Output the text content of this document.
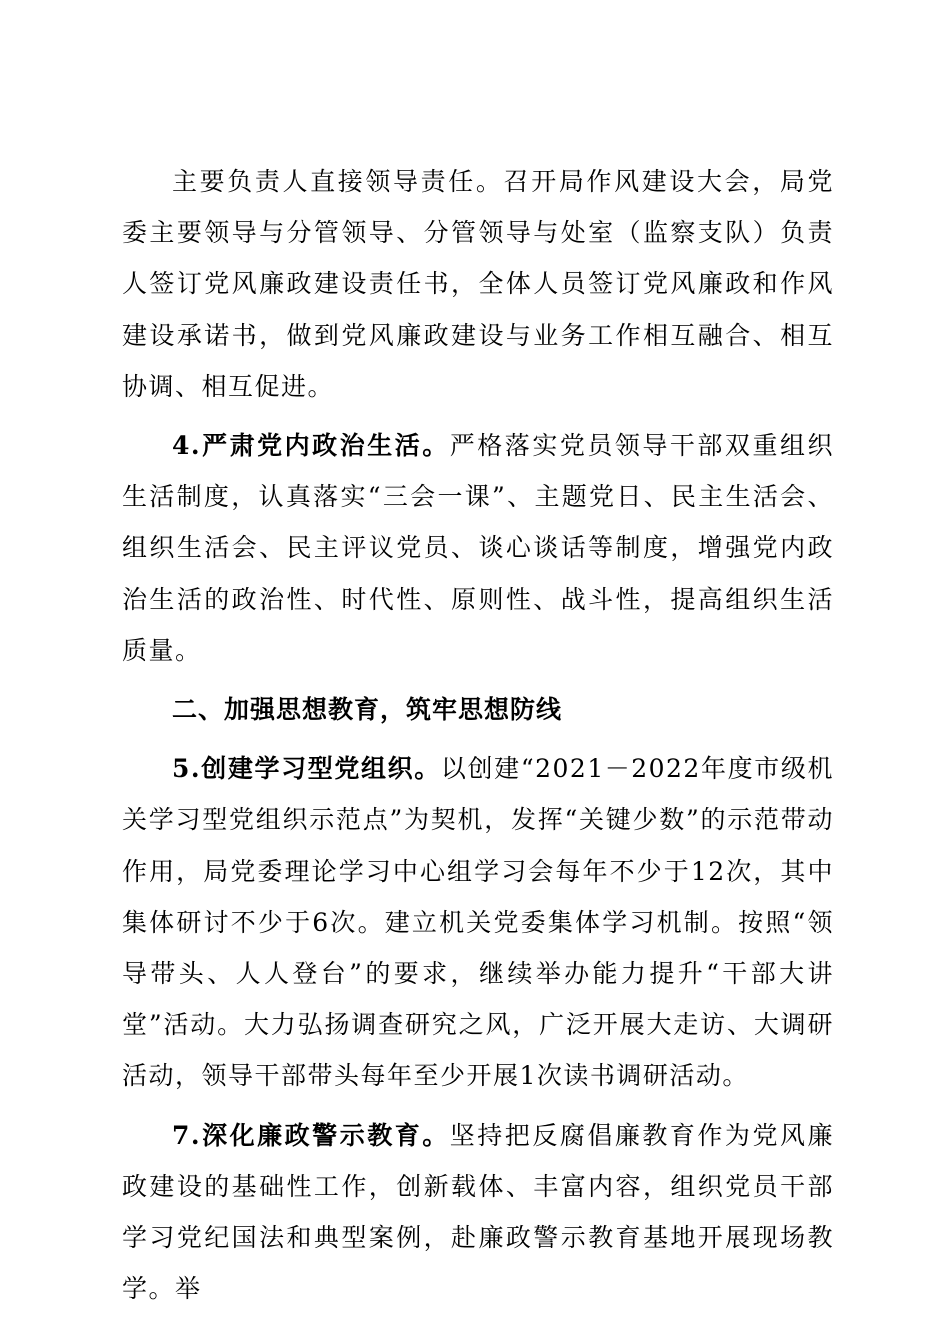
主要负责人直接领导责任。召开局作风建设大会，局党委主要领导与分管领导、分管领导与处室（监察支队）负责人签订党风廉政建设责任书，全体人员签订党风廉政和作风建设承诺书，做到党风廉政建设与业务工作相互融合、相互协调、相互促进。

4.严肃党内政治生活。严格落实党员领导干部双重组织生活制度，认真落实“三会一课”、主题党日、民主生活会、组织生活会、民主评议党员、谈心谈话等制度，增强党内政治生活的政治性、时代性、原则性、战斗性，提高组织生活质量。

二、加强思想教育，筑牢思想防线

5.创建学习型党组织。以创建“2021－2022年度市级机关学习型党组织示范点”为契机，发挥“关键少数”的示范带动作用，局党委理论学习中心组学习会每年不少于12次，其中集体研讨不少于6次。建立机关党委集体学习机制。按照“领导带头、人人登台”的要求，继续举办能力提升“干部大讲堂”活动。大力弘扬调查研究之风，广泛开展大走访、大调研活动，领导干部带头每年至少开展1次读书调研活动。

7.深化廉政警示教育。坚持把反腐倡廉教育作为党风廉政建设的基础性工作，创新载体、丰富内容，组织党员干部学习党纪国法和典型案例，赴廉政警示教育基地开展现场教学。举
